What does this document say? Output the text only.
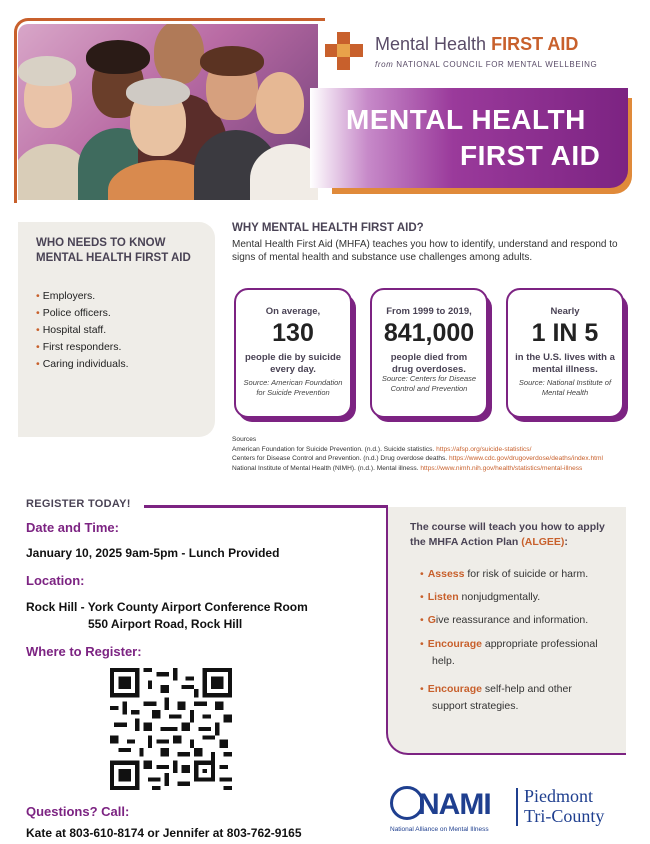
Mental Health FIRST AID
from NATIONAL COUNCIL FOR MENTAL WELLBEING
MENTAL HEALTH
FIRST AID
WHO NEEDS TO KNOW MENTAL HEALTH FIRST AID
• Employers.
• Police officers.
• Hospital staff.
• First responders.
• Caring individuals.
WHY MENTAL HEALTH FIRST AID?
Mental Health First Aid (MHFA) teaches you how to identify, understand and respond to signs of mental health and substance use challenges among adults.
On average,
130
people die by suicide every day.
Source: American Foundation for Suicide Prevention
From 1999 to 2019,
841,000
people died from drug overdoses.
Source: Centers for Disease Control and Prevention
Nearly
1 IN 5
in the U.S. lives with a mental illness.
Source: National Institute of Mental Health
Sources
American Foundation for Suicide Prevention. (n.d.). Suicide statistics. https://afsp.org/suicide-statistics/
Centers for Disease Control and Prevention. (n.d.) Drug overdose deaths. https://www.cdc.gov/drugoverdose/deaths/index.html
National Institute of Mental Health (NIMH). (n.d.). Mental illness. https://www.nimh.nih.gov/health/statistics/mental-illness
REGISTER TODAY!
Date and Time:
January 10, 2025 9am-5pm - Lunch Provided
Location:
Rock Hill - York County Airport Conference Room
550 Airport Road, Rock Hill
Where to Register:
The course will teach you how to apply the MHFA Action Plan (ALGEE):
• Assess for risk of suicide or harm.
• Listen nonjudgmentally.
• Give reassurance and information.
• Encourage appropriate professional help.
• Encourage self-help and other support strategies.
Questions? Call:
Kate at 803-610-8174 or Jennifer at 803-762-9165
NAMI
National Alliance on Mental Illness
Piedmont
Tri-County
